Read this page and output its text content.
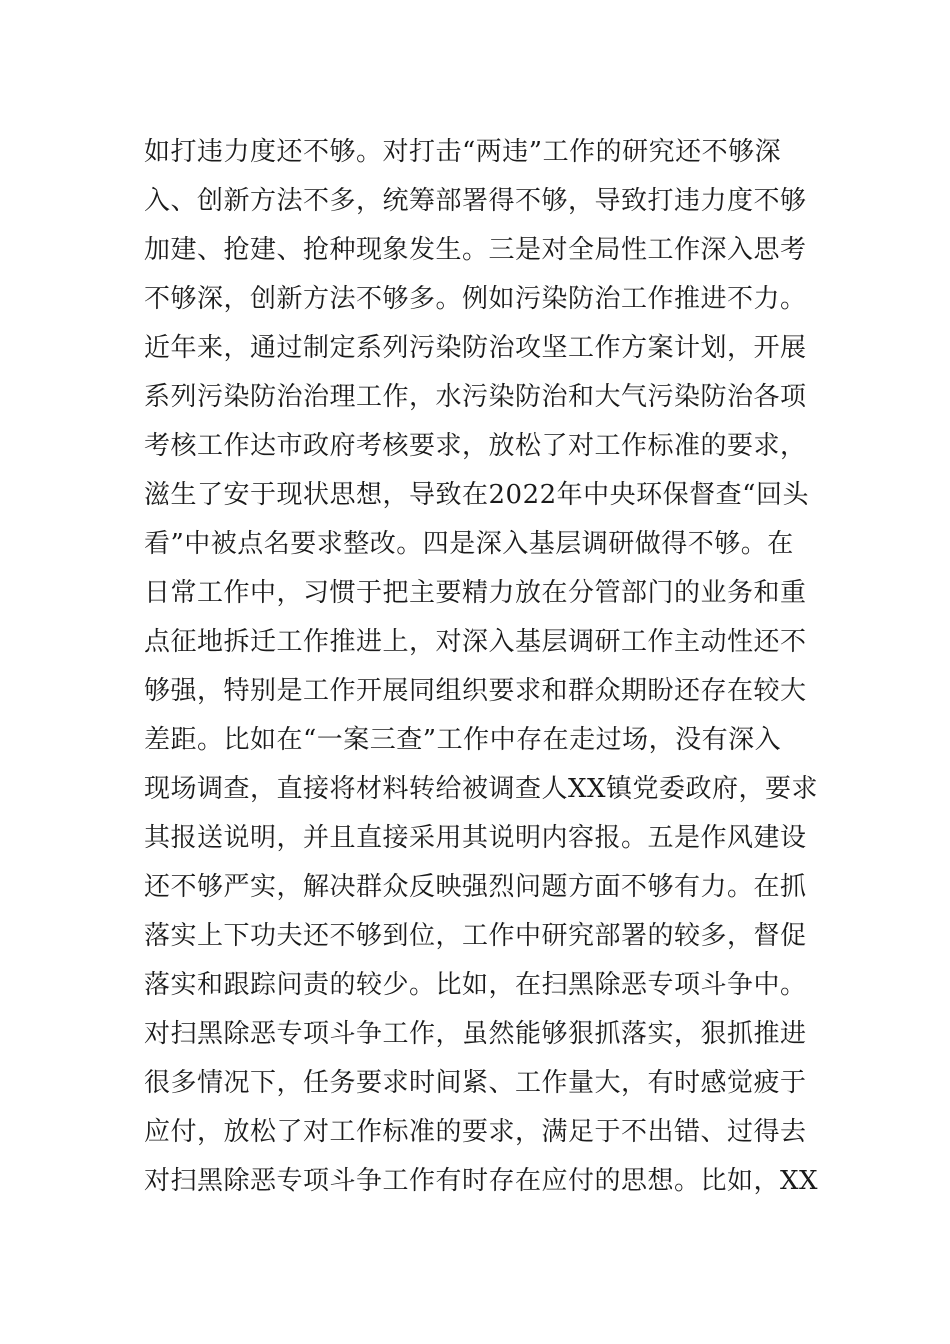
如打违力度还不够。对打击“两违”工作的研究还不够深
入、创新方法不多，统筹部署得不够，导致打违力度不够
加建、抢建、抢种现象发生。三是对全局性工作深入思考
不够深，创新方法不够多。例如污染防治工作推进不力。
近年来，通过制定系列污染防治攻坚工作方案计划，开展
系列污染防治治理工作，水污染防治和大气污染防治各项
考核工作达市政府考核要求，放松了对工作标准的要求，
滋生了安于现状思想，导致在2022年中央环保督查“回头
看”中被点名要求整改。四是深入基层调研做得不够。在
日常工作中，习惯于把主要精力放在分管部门的业务和重
点征地拆迁工作推进上，对深入基层调研工作主动性还不
够强，特别是工作开展同组织要求和群众期盼还存在较大
差距。比如在“一案三查”工作中存在走过场，没有深入
现场调查，直接将材料转给被调查人XX镇党委政府，要求
其报送说明，并且直接采用其说明内容报。五是作风建设
还不够严实，解决群众反映强烈问题方面不够有力。在抓
落实上下功夫还不够到位，工作中研究部署的较多，督促
落实和跟踪问责的较少。比如，在扫黑除恶专项斗争中。
对扫黑除恶专项斗争工作，虽然能够狠抓落实，狠抓推进
很多情况下，任务要求时间紧、工作量大，有时感觉疲于
应付，放松了对工作标准的要求，满足于不出错、过得去
对扫黑除恶专项斗争工作有时存在应付的思想。比如，XX
